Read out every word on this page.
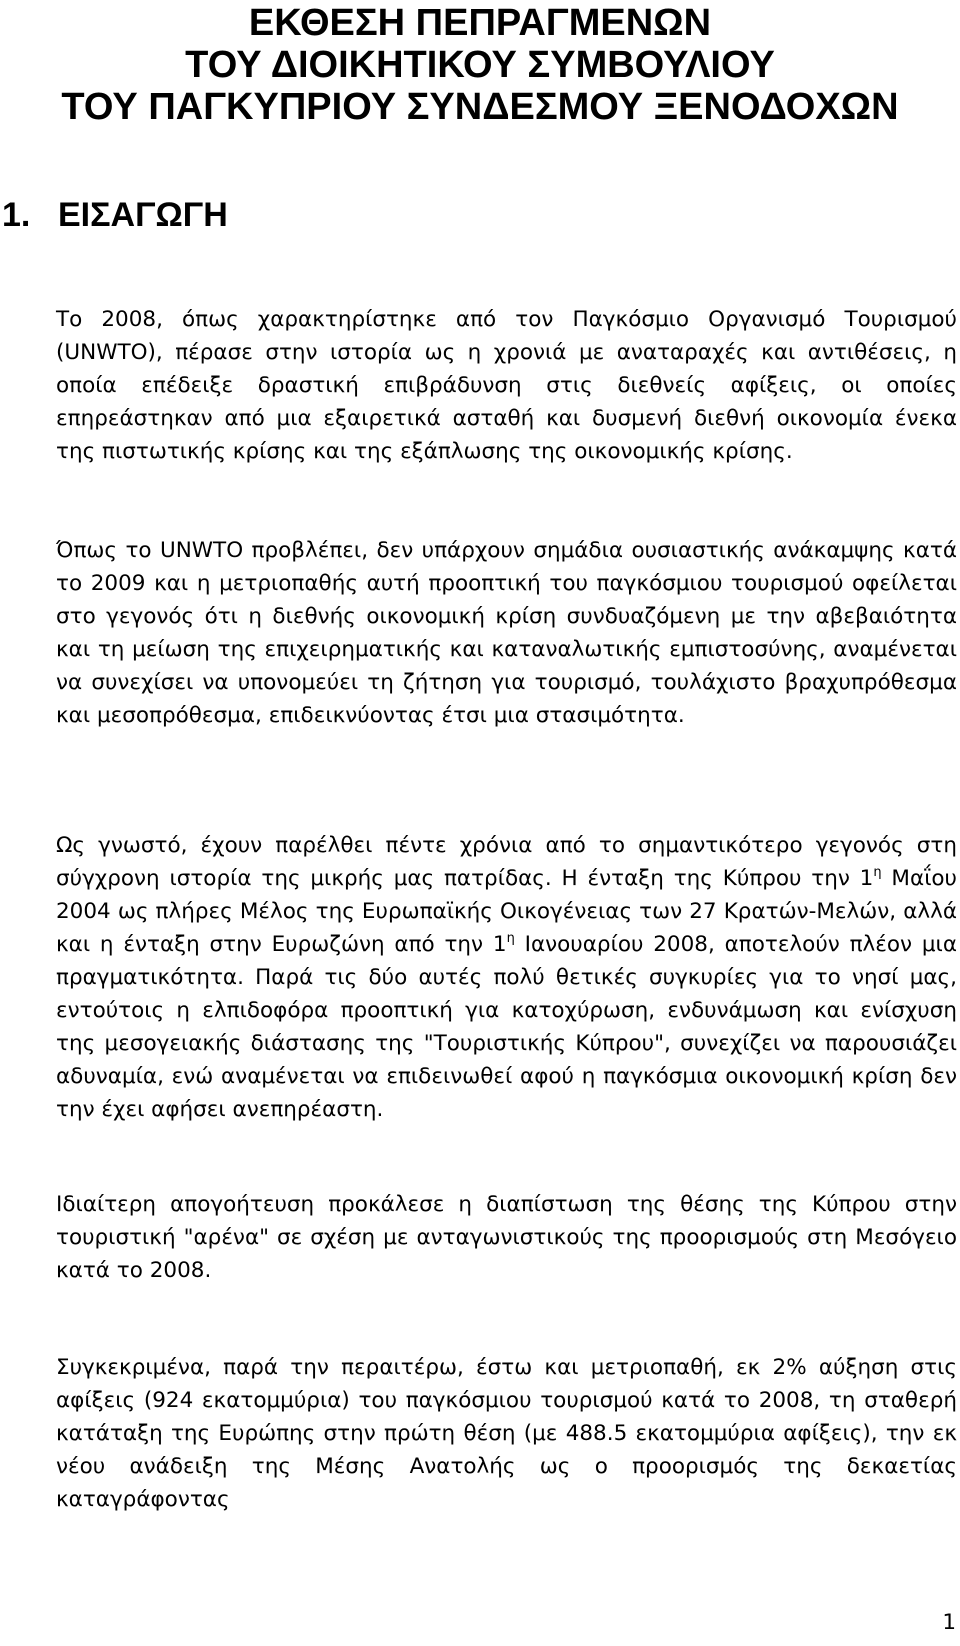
ΕΚΘΕΣΗ ΠΕΠΡΑΓΜΕΝΩΝ
ΤΟΥ ΔΙΟΙΚΗΤΙΚΟΥ ΣΥΜΒΟΥΛΙΟΥ
ΤΟΥ ΠΑΓΚΥΠΡΙΟΥ ΣΥΝΔΕΣΜΟΥ ΞΕΝΟΔΟΧΩΝ
1. ΕΙΣΑΓΩΓΗ

Το 2008, όπως χαρακτηρίστηκε από τον Παγκόσμιο Οργανισμό Τουρισμού (UNWTO), πέρασε στην ιστορία ως η χρονιά με αναταραχές και αντιθέσεις, η οποία επέδειξε δραστική επιβράδυνση στις διεθνείς αφίξεις, οι οποίες επηρεάστηκαν από μια εξαιρετικά ασταθή και δυσμενή διεθνή οικονομία ένεκα της πιστωτικής κρίσης και της εξάπλωσης της οικονομικής κρίσης.

Όπως το UNWTO προβλέπει, δεν υπάρχουν σημάδια ουσιαστικής ανάκαμψης κατά το 2009 και η μετριοπαθής αυτή προοπτική του παγκόσμιου τουρισμού οφείλεται στο γεγονός ότι η διεθνής οικονομική κρίση συνδυαζόμενη με την αβεβαιότητα και τη μείωση της επιχειρηματικής και καταναλωτικής εμπιστοσύνης, αναμένεται να συνεχίσει να υπονομεύει τη ζήτηση για τουρισμό, τουλάχιστο βραχυπρόθεσμα και μεσοπρόθεσμα, επιδεικνύοντας έτσι μια στασιμότητα.

Ως γνωστό, έχουν παρέλθει πέντε χρόνια από το σημαντικότερο γεγονός στη σύγχρονη ιστορία της μικρής μας πατρίδας. Η ένταξη της Κύπρου την $1^\eta$ Μαΐου 2004 ως πλήρες Μέλος της Ευρωπαϊκής Οικογένειας των 27 Κρατών-Μελών, αλλά και η ένταξη στην Ευρωζώνη από την $1^\eta$ Ιανουαρίου 2008, αποτελούν πλέον μια πραγματικότητα. Παρά τις δύο αυτές πολύ θετικές συγκυρίες για το νησί μας, εντούτοις η ελπιδοφόρα προοπτική για κατοχύρωση, ενδυνάμωση και ενίσχυση της μεσογειακής διάστασης της "Τουριστικής Κύπρου", συνεχίζει να παρουσιάζει αδυναμία, ενώ αναμένεται να επιδεινωθεί αφού η παγκόσμια οικονομική κρίση δεν την έχει αφήσει ανεπηρέαστη.

Ιδιαίτερη απογοήτευση προκάλεσε η διαπίστωση της θέσης της Κύπρου στην τουριστική "αρένα" σε σχέση με ανταγωνιστικούς της προορισμούς στη Μεσόγειο κατά το 2008.

Συγκεκριμένα, παρά την περαιτέρω, έστω και μετριοπαθή, εκ 2% αύξηση στις αφίξεις (924 εκατομμύρια) του παγκόσμιου τουρισμού κατά το 2008, τη σταθερή κατάταξη της Ευρώπης στην πρώτη θέση (με 488.5 εκατομμύρια αφίξεις), την εκ νέου ανάδειξη της Μέσης Ανατολής ως ο προορισμός της δεκαετίας καταγράφοντας

1
